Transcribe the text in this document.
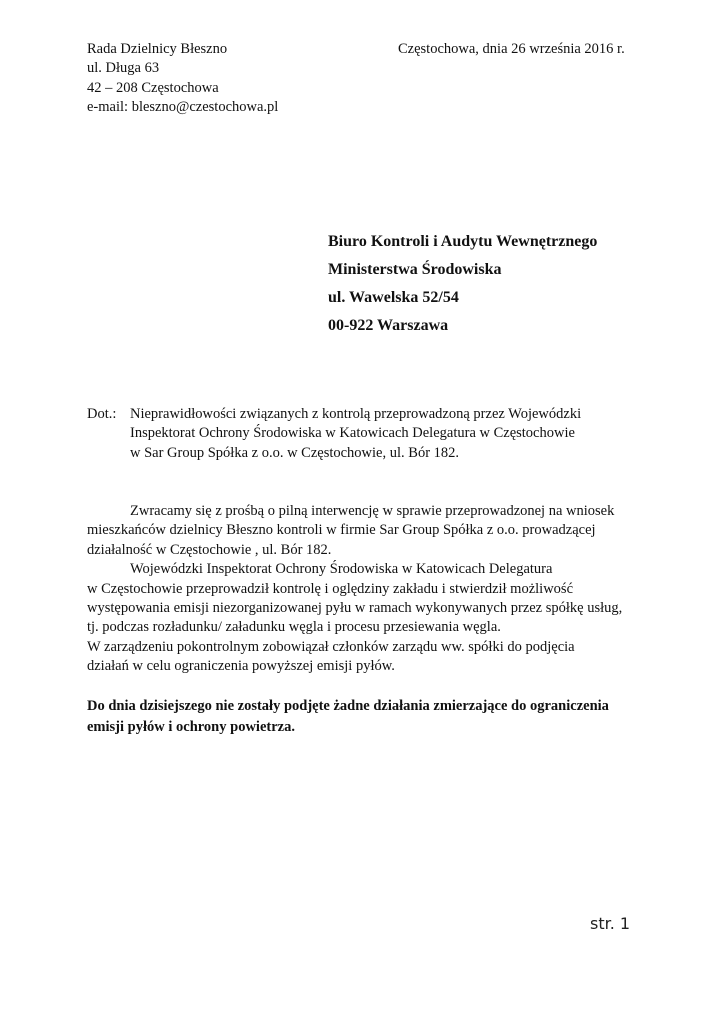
Rada Dzielnicy Błeszno
ul. Długa 63
42 – 208 Częstochowa
e-mail: bleszno@czestochowa.pl
Częstochowa, dnia 26 września 2016 r.
Biuro Kontroli i Audytu Wewnętrznego
Ministerstwa Środowiska
ul. Wawelska 52/54
00-922 Warszawa
Dot.: Nieprawidłowości związanych z kontrolą przeprowadzoną przez Wojewódzki
Inspektorat Ochrony Środowiska w Katowicach Delegatura w Częstochowie
w Sar Group Spółka z o.o. w Częstochowie, ul. Bór 182.
Zwracamy się z prośbą o pilną interwencję w sprawie przeprowadzonej na wniosek
mieszkańców dzielnicy Błeszno kontroli w firmie Sar Group Spółka z o.o. prowadzącej
działalność w Częstochowie , ul. Bór 182.
Wojewódzki Inspektorat Ochrony Środowiska w Katowicach Delegatura
w Częstochowie przeprowadził kontrolę i oględziny zakładu i stwierdził możliwość
występowania emisji niezorganizowanej pyłu w ramach wykonywanych przez spółkę usług,
tj. podczas rozładunku/ załadunku węgla i procesu przesiewania węgla.
W zarządzeniu pokontrolnym zobowiązał członków zarządu ww. spółki do podjęcia
działań w celu ograniczenia powyższej emisji pyłów.
Do dnia dzisiejszego nie zostały podjęte żadne działania zmierzające do ograniczenia
emisji pyłów i ochrony powietrza.
str. 1
